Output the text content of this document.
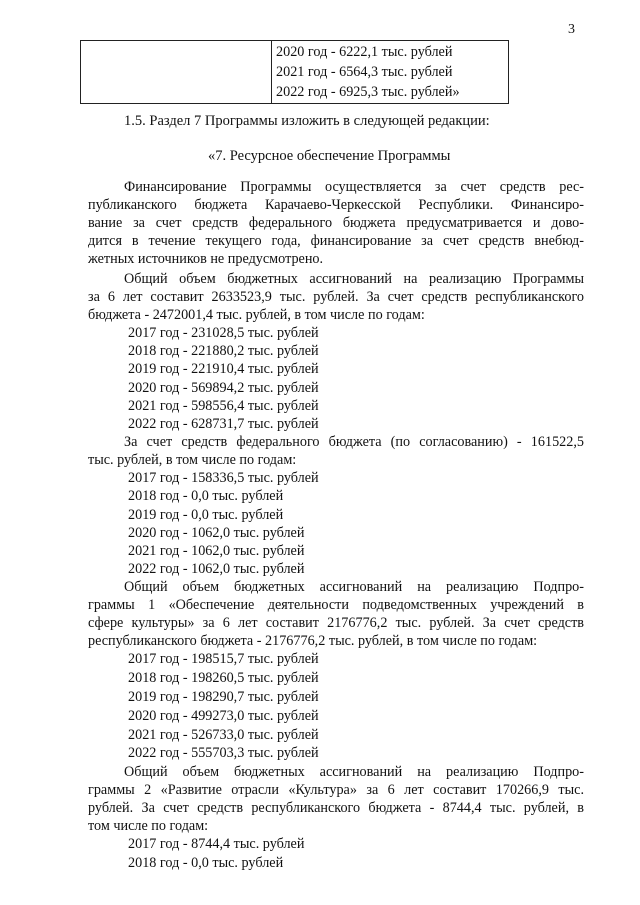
3

2020 год - 6222,1 тыс. рублей
2021 год - 6564,3 тыс. рублей
2022 год - 6925,3 тыс. рублей»
1.5. Раздел 7 Программы изложить в следующей редакции:
«7. Ресурсное обеспечение Программы
Финансирование Программы осуществляется за счет средств рес-
публиканского бюджета Карачаево-Черкесской Республики. Финансиро-
вание за счет средств федерального бюджета предусматривается и дово-
дится в течение текущего года, финансирование за счет средств внебюд-
жетных источников не предусмотрено.
Общий объем бюджетных ассигнований на реализацию Программы
за 6 лет составит 2633523,9 тыс. рублей. За счет средств республиканского
бюджета - 2472001,4 тыс. рублей, в том числе по годам:
2017 год - 231028,5 тыс. рублей
2018 год - 221880,2 тыс. рублей
2019 год - 221910,4 тыс. рублей
2020 год - 569894,2 тыс. рублей
2021 год - 598556,4 тыс. рублей
2022 год - 628731,7 тыс. рублей
За счет средств федерального бюджета (по согласованию) - 161522,5
тыс. рублей, в том числе по годам:
2017 год - 158336,5 тыс. рублей
2018 год - 0,0 тыс. рублей
2019 год - 0,0 тыс. рублей
2020 год - 1062,0 тыс. рублей
2021 год - 1062,0 тыс. рублей
2022 год - 1062,0 тыс. рублей
Общий объем бюджетных ассигнований на реализацию Подпро-
граммы 1 «Обеспечение деятельности подведомственных учреждений в
сфере культуры» за 6 лет составит 2176776,2 тыс. рублей. За счет средств
республиканского бюджета - 2176776,2 тыс. рублей, в том числе по годам:
2017 год - 198515,7 тыс. рублей
2018 год - 198260,5 тыс. рублей
2019 год - 198290,7 тыс. рублей
2020 год - 499273,0 тыс. рублей
2021 год - 526733,0 тыс. рублей
2022 год - 555703,3 тыс. рублей
Общий объем бюджетных ассигнований на реализацию Подпро-
граммы 2 «Развитие отрасли «Культура» за 6 лет составит 170266,9 тыс.
рублей. За счет средств республиканского бюджета - 8744,4 тыс. рублей, в
том числе по годам:
2017 год - 8744,4 тыс. рублей
2018 год - 0,0 тыс. рублей
